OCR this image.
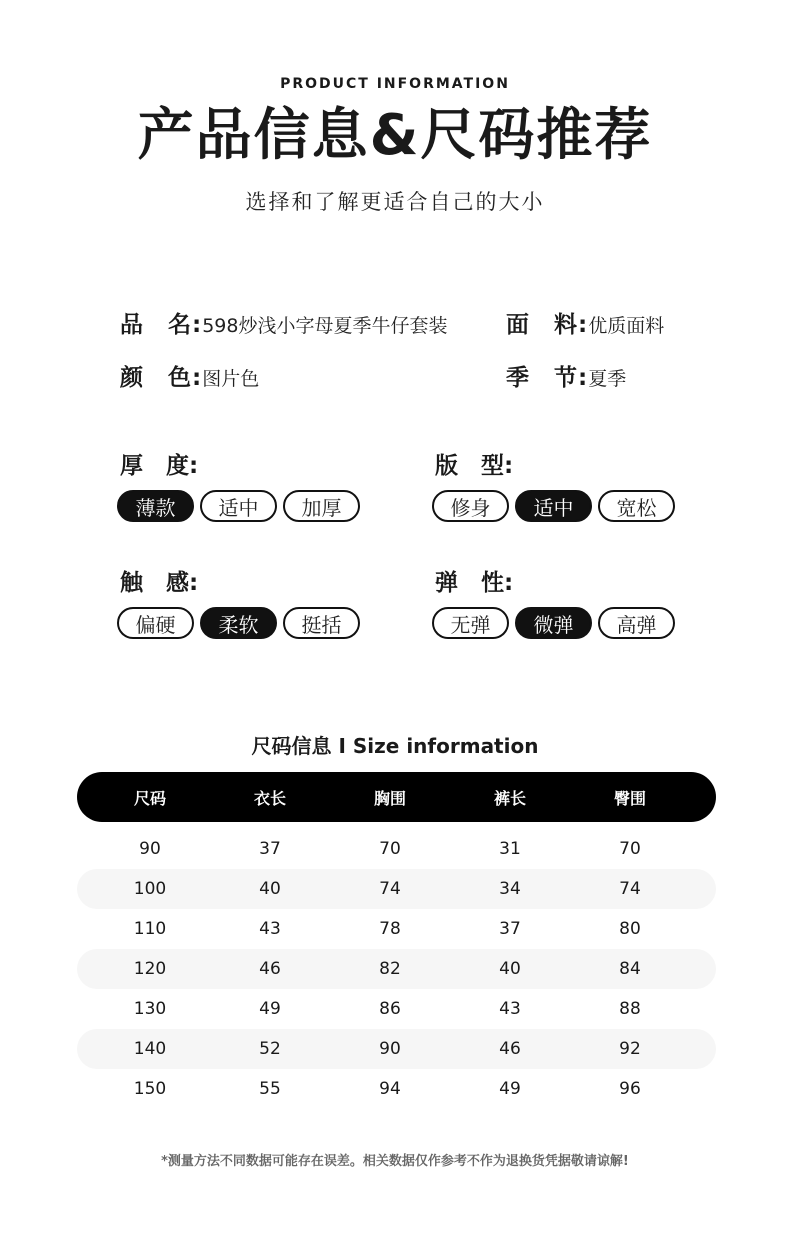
PRODUCT INFORMATION
产品信息&尺码推荐
选择和了解更适合自己的大小
品　名: 598炒浅小字母夏季牛仔套装	面　料: 优质面料
颜　色: 图片色	季　节: 夏季
厚　度:
薄款	适中	加厚
版　型:
修身	适中	宽松
触　感:
偏硬	柔软	挺括
弹　性:
无弹	微弹	高弹
尺码信息 I Size information
尺码	衣长	胸围	裤长	臀围
90	37	70	31	70
100	40	74	34	74
110	43	78	37	80
120	46	82	40	84
130	49	86	43	88
140	52	90	46	92
150	55	94	49	96
*测量方法不同数据可能存在误差。相关数据仅作参考不作为退换货凭据敬请谅解!
